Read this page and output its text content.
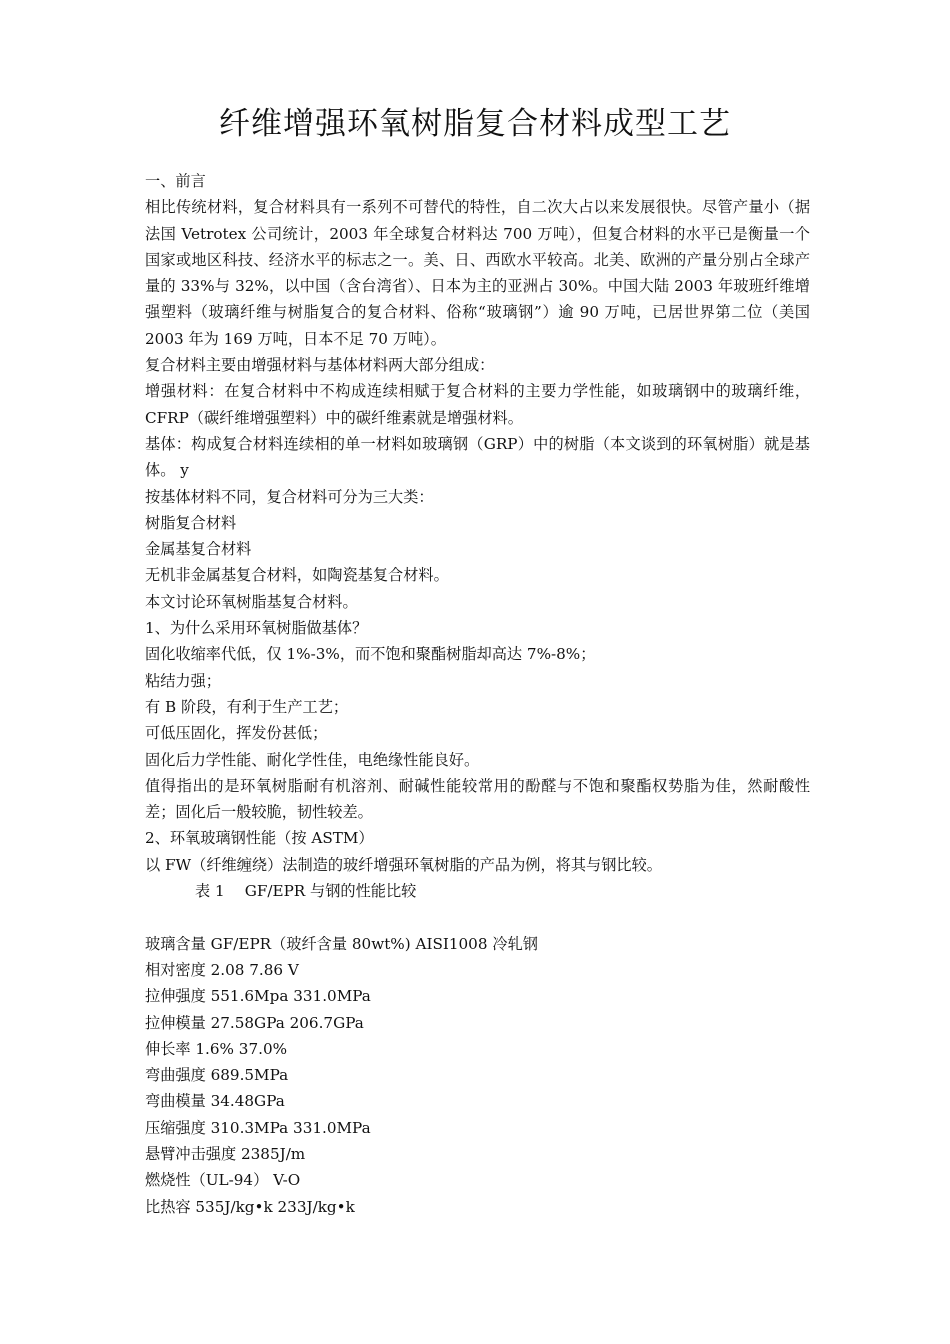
纤维增强环氧树脂复合材料成型工艺

一、前言

相比传统材料，复合材料具有一系列不可替代的特性，自二次大占以来发展很快。尽管产量小（据法国 Vetrotex 公司统计，2003 年全球复合材料达 700 万吨），但复合材料的水平已是衡量一个国家或地区科技、经济水平的标志之一。美、日、西欧水平较高。北美、欧洲的产量分别占全球产量的 33%与 32%，以中国（含台湾省）、日本为主的亚洲占 30%。中国大陆 2003 年玻班纤维增强塑料（玻璃纤维与树脂复合的复合材料、俗称“玻璃钢”）逾 90 万吨，已居世界第二位（美国 2003 年为 169 万吨，日本不足 70 万吨）。

复合材料主要由增强材料与基体材料两大部分组成：

增强材料：在复合材料中不构成连续相赋于复合材料的主要力学性能，如玻璃钢中的玻璃纤维，CFRP（碳纤维增强塑料）中的碳纤维素就是增强材料。

基体：构成复合材料连续相的单一材料如玻璃钢（GRP）中的树脂（本文谈到的环氧树脂）就是基体。 y

按基体材料不同，复合材料可分为三大类：

树脂复合材料

金属基复合材料

无机非金属基复合材料，如陶瓷基复合材料。

本文讨论环氧树脂基复合材料。

1、为什么采用环氧树脂做基体？

固化收缩率代低，仅 1%-3%，而不饱和聚酯树脂却高达 7%-8%；

粘结力强；

有 B 阶段，有利于生产工艺；

可低压固化，挥发份甚低；

固化后力学性能、耐化学性佳，电绝缘性能良好。

值得指出的是环氧树脂耐有机溶剂、耐碱性能较常用的酚醛与不饱和聚酯权势脂为佳，然耐酸性差；固化后一般较脆，韧性较差。

2、环氧玻璃钢性能（按 ASTM）

以 FW（纤维缠绕）法制造的玻纤增强环氧树脂的产品为例，将其与钢比较。

表 1　 GF/EPR 与钢的性能比较

玻璃含量 GF/EPR（玻纤含量 80wt%) AISI1008 冷轧钢

相对密度 2.08 7.86 V

拉伸强度 551.6Mpa 331.0MPa

拉伸模量 27.58GPa 206.7GPa

伸长率 1.6% 37.0%

弯曲强度 689.5MPa

弯曲模量 34.48GPa

压缩强度 310.3MPa 331.0MPa

悬臂冲击强度 2385J/m

燃烧性（UL-94） V-O

比热容 535J/kg•k 233J/kg•k
